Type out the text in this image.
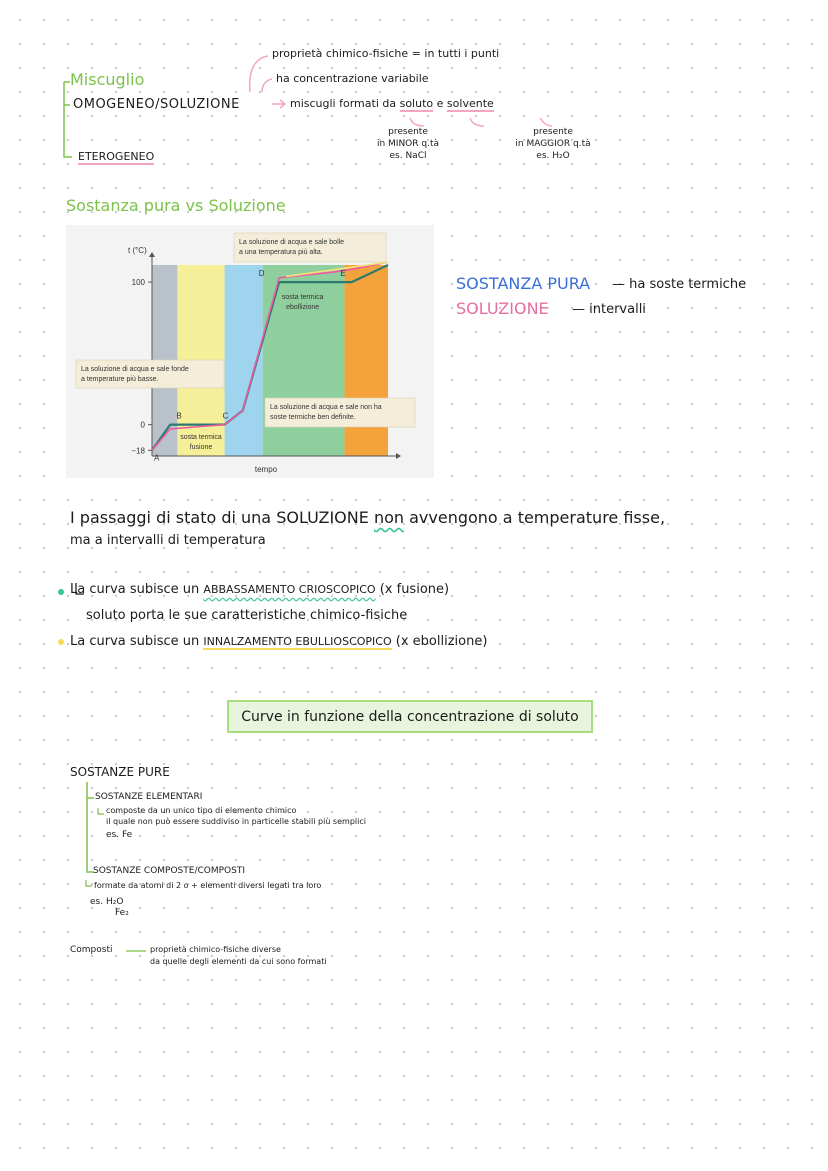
Miscuglio
OMOGENEO/SOLUZIONE
ETEROGENEO
proprietà chimico-fisiche = in tutti i punti
ha concentrazione variabile
miscugli formati da soluto e solvente
presente
in MINOR q.tà
es. NaCl
presente
in MAGGIOR q.tà
es. H₂O
Sostanza pura vs Soluzione
100
0
−18
t (°C)
tempo
A
B	C
D	E
sosta termica
ebollizione
sosta termica
fusione
La soluzione di acqua e sale bolle
a una temperatura più alta.
La soluzione di acqua e sale fonde
a temperature più basse.
La soluzione di acqua e sale non ha
soste termiche ben definite.
SOSTANZA PURA — ha soste termiche
SOLUZIONE — intervalli
I passaggi di stato di una SOLUZIONE non avvengono a temperature fisse,
ma a intervalli di temperatura
La curva subisce un ABBASSAMENTO CRIOSCOPICO (x fusione)
soluto porta le sue caratteristiche chimico-fisiche
La curva subisce un INNALZAMENTO EBULLIOSCOPICO (x ebollizione)
Curve in funzione della concentrazione di soluto
SOSTANZE PURE
SOSTANZE ELEMENTARI
composte da un unico tipo di elemento chimico
il quale non può essere suddiviso in particelle stabili più semplici
es. Fe
SOSTANZE COMPOSTE/COMPOSTI
formate da atomi di 2 o + elementi diversi legati tra loro
es. H₂O
Fe₂
Composti	proprietà chimico-fisiche diverse
da quelle degli elementi da cui sono formati
